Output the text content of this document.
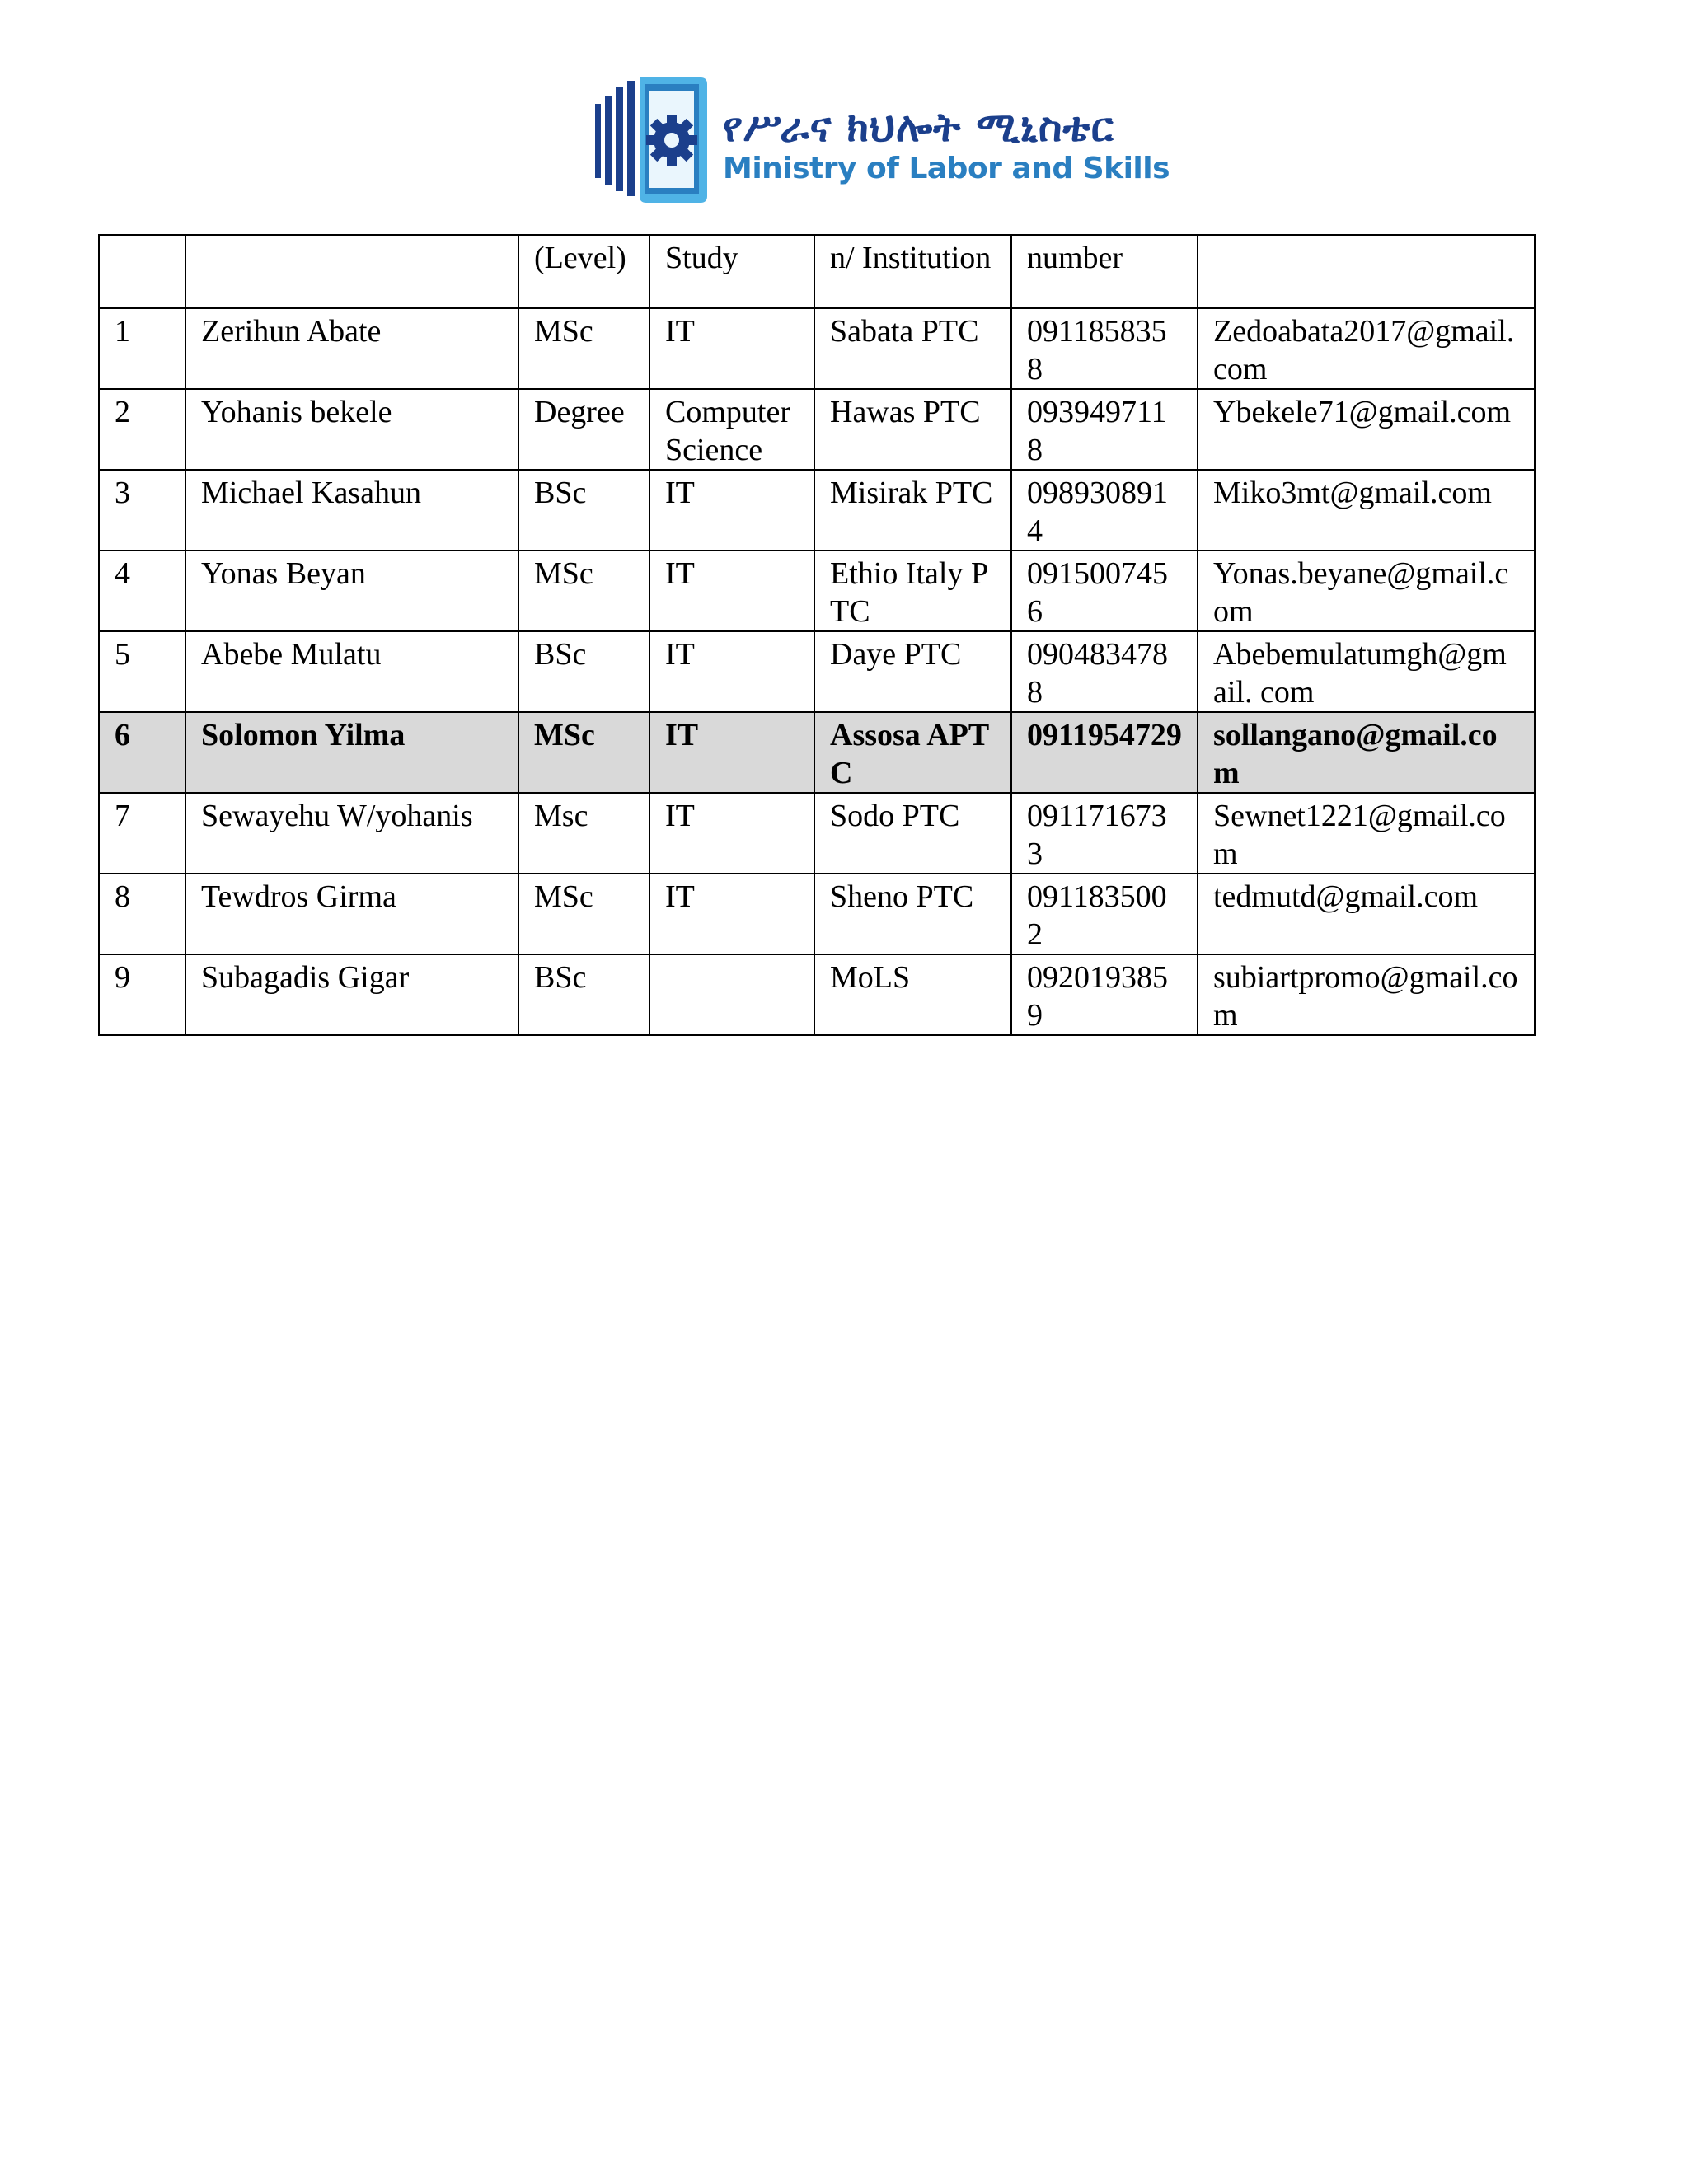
የሥራና ክህሎት ሚኒስቴር
Ministry of Labor and Skills
		(Level)	Study	n/ Institution	number	
1	Zerihun Abate	MSc	IT	Sabata PTC	0911858358	Zedoabata2017@gmail.com
2	Yohanis bekele	Degree	Computer Science	Hawas PTC	0939497118	Ybekele71@gmail.com
3	Michael Kasahun	BSc	IT	Misirak PTC	0989308914	Miko3mt@gmail.com
4	Yonas Beyan	MSc	IT	Ethio Italy PTC	0915007456	Yonas.beyane@gmail.com
5	Abebe Mulatu	BSc	IT	Daye PTC	0904834788	Abebemulatumgh@gm ail. com
6	Solomon Yilma	MSc	IT	Assosa APTC	0911954729	sollangano@gmail.com
7	Sewayehu W/yohanis	Msc	IT	Sodo PTC	0911716733	Sewnet1221@gmail.com
8	Tewdros Girma	MSc	IT	Sheno PTC	0911835002	tedmutd@gmail.com
9	Subagadis Gigar	BSc		MoLS	0920193859	subiartpromo@gmail.com
